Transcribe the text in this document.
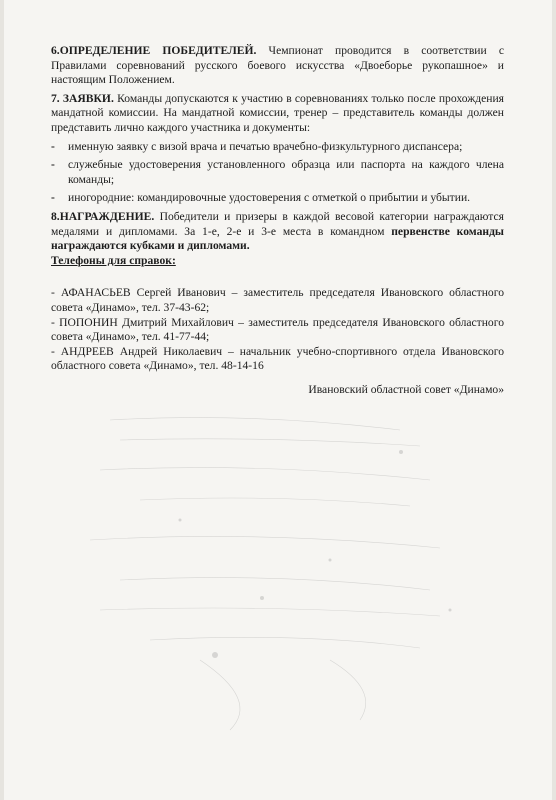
6.ОПРЕДЕЛЕНИЕ ПОБЕДИТЕЛЕЙ. Чемпионат проводится в соответствии с Правилами соревнований русского боевого искусства «Двоеборье рукопашное» и настоящим Положением.

7. ЗАЯВКИ. Команды допускаются к участию в соревнованиях только после прохождения мандатной комиссии. На мандатной комиссии, тренер – представитель команды должен представить лично каждого участника и документы:

-	именную заявку с визой врача и печатью врачебно-физкультурного диспансера;
-	служебные удостоверения установленного образца или паспорта на каждого члена команды;
-	иногородние: командировочные удостоверения с отметкой о прибытии и убытии.

8.НАГРАЖДЕНИЕ. Победители и призеры в каждой весовой категории награждаются медалями и дипломами. За 1-е, 2-е и 3-е места в командном первенстве команды награждаются кубками и дипломами.

Телефоны для справок:

- АФАНАСЬЕВ Сергей Иванович – заместитель председателя Ивановского областного совета «Динамо», тел. 37-43-62;

- ПОПОНИН Дмитрий Михайлович – заместитель председателя Ивановского областного совета «Динамо», тел. 41-77-44;

- АНДРЕЕВ Андрей Николаевич – начальник учебно-спортивного отдела Ивановского областного совета «Динамо», тел. 48-14-16

Ивановский областной совет «Динамо»
